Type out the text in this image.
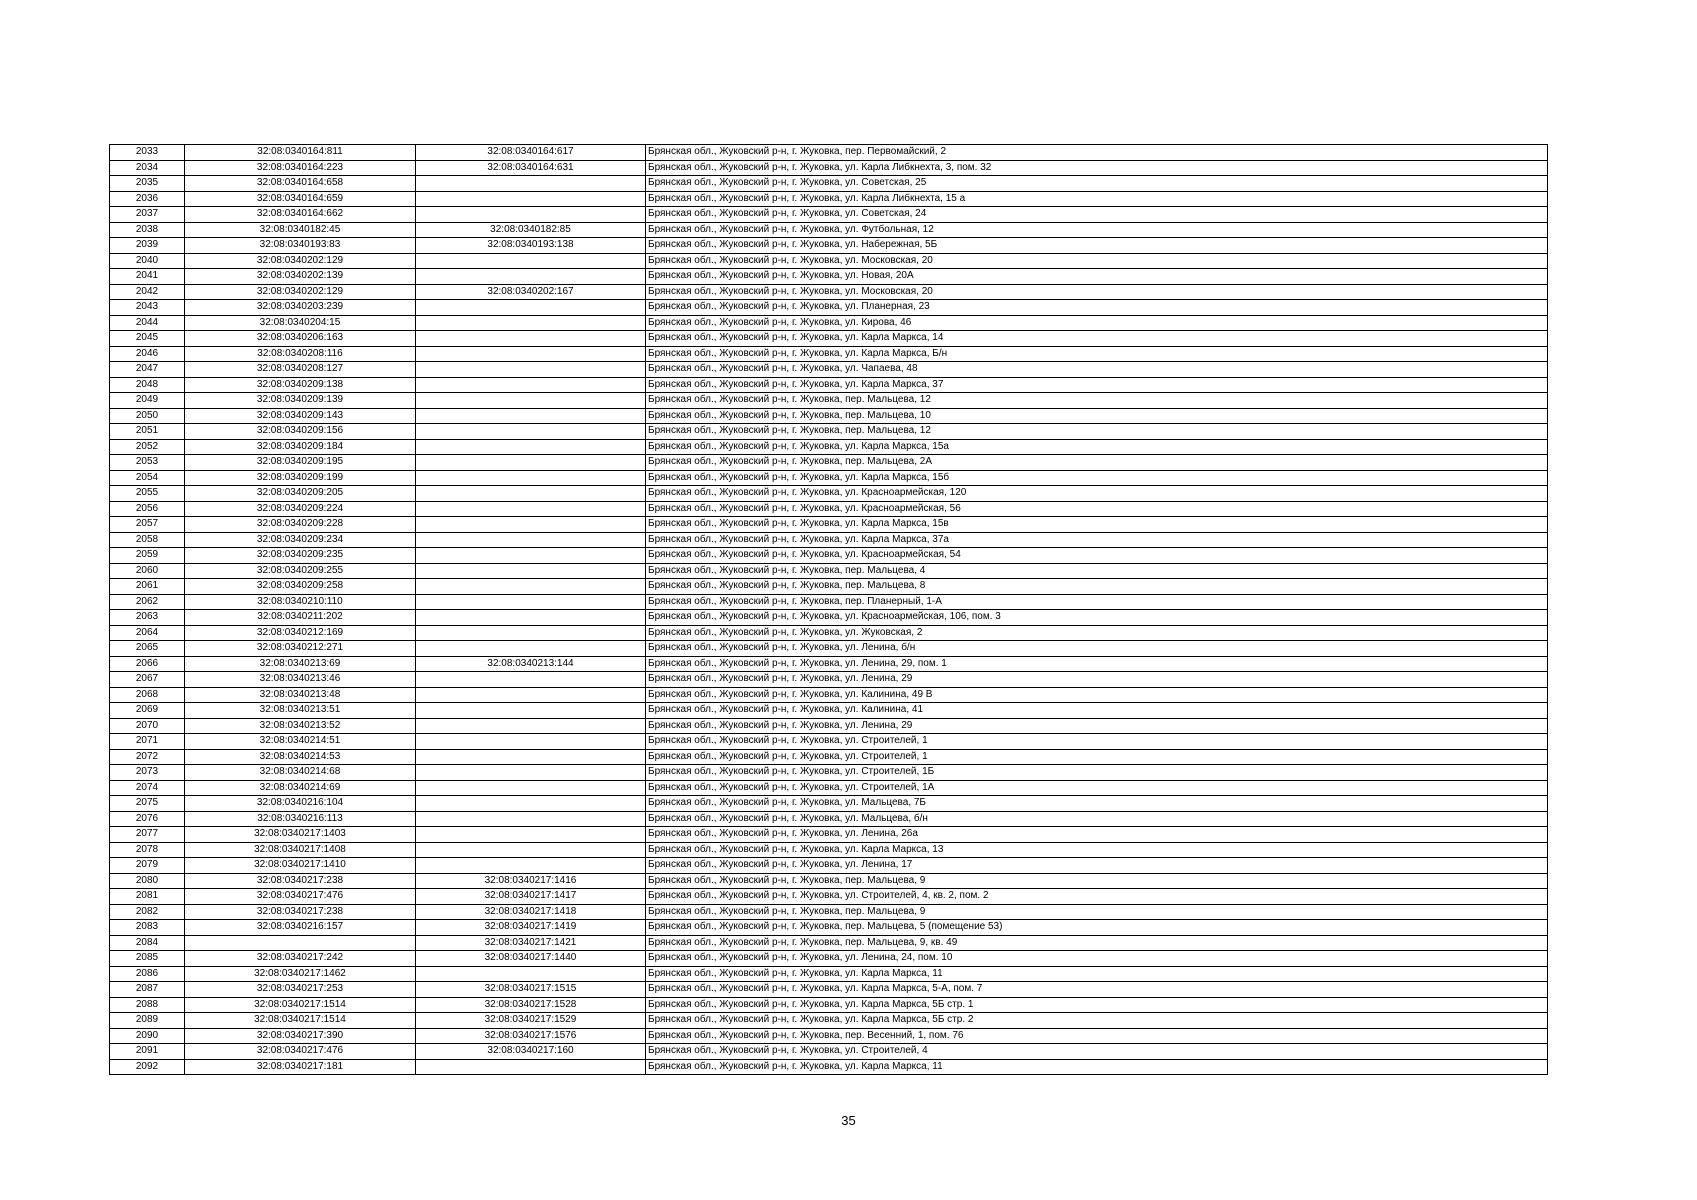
2033	32:08:0340164:811	32:08:0340164:617	Брянская обл., Жуковский р-н, г. Жуковка, пер. Первомайский, 2
2034	32:08:0340164:223	32:08:0340164:631	Брянская обл., Жуковский р-н, г. Жуковка, ул. Карла Либкнехта, 3, пом. 32
2035	32:08:0340164:658		Брянская обл., Жуковский р-н, г. Жуковка, ул. Советская, 25
2036	32:08:0340164:659		Брянская обл., Жуковский р-н, г. Жуковка, ул. Карла Либкнехта, 15 а
2037	32:08:0340164:662		Брянская обл., Жуковский р-н, г. Жуковка, ул. Советская, 24
2038	32:08:0340182:45	32:08:0340182:85	Брянская обл., Жуковский р-н, г. Жуковка, ул. Футбольная, 12
2039	32:08:0340193:83	32:08:0340193:138	Брянская обл., Жуковский р-н, г. Жуковка, ул. Набережная, 5Б
2040	32:08:0340202:129		Брянская обл., Жуковский р-н, г. Жуковка, ул. Московская, 20
2041	32:08:0340202:139		Брянская обл., Жуковский р-н, г. Жуковка, ул. Новая, 20А
2042	32:08:0340202:129	32:08:0340202:167	Брянская обл., Жуковский р-н, г. Жуковка, ул. Московская, 20
2043	32:08:0340203:239		Брянская обл., Жуковский р-н, г. Жуковка, ул. Планерная, 23
2044	32:08:0340204:15		Брянская обл., Жуковский р-н, г. Жуковка, ул. Кирова, 46
2045	32:08:0340206:163		Брянская обл., Жуковский р-н, г. Жуковка, ул. Карла Маркса, 14
2046	32:08:0340208:116		Брянская обл., Жуковский р-н, г. Жуковка, ул. Карла Маркса, Б/н
2047	32:08:0340208:127		Брянская обл., Жуковский р-н, г. Жуковка, ул. Чапаева, 48
2048	32:08:0340209:138		Брянская обл., Жуковский р-н, г. Жуковка, ул. Карла Маркса, 37
2049	32:08:0340209:139		Брянская обл., Жуковский р-н, г. Жуковка, пер. Мальцева, 12
2050	32:08:0340209:143		Брянская обл., Жуковский р-н, г. Жуковка, пер. Мальцева, 10
2051	32:08:0340209:156		Брянская обл., Жуковский р-н, г. Жуковка, пер. Мальцева, 12
2052	32:08:0340209:184		Брянская обл., Жуковский р-н, г. Жуковка, ул. Карла Маркса, 15а
2053	32:08:0340209:195		Брянская обл., Жуковский р-н, г. Жуковка, пер. Мальцева, 2А
2054	32:08:0340209:199		Брянская обл., Жуковский р-н, г. Жуковка, ул. Карла Маркса, 15б
2055	32:08:0340209:205		Брянская обл., Жуковский р-н, г. Жуковка, ул. Красноармейская, 120
2056	32:08:0340209:224		Брянская обл., Жуковский р-н, г. Жуковка, ул. Красноармейская, 56
2057	32:08:0340209:228		Брянская обл., Жуковский р-н, г. Жуковка, ул. Карла Маркса, 15в
2058	32:08:0340209:234		Брянская обл., Жуковский р-н, г. Жуковка, ул. Карла Маркса, 37а
2059	32:08:0340209:235		Брянская обл., Жуковский р-н, г. Жуковка, ул. Красноармейская, 54
2060	32:08:0340209:255		Брянская обл., Жуковский р-н, г. Жуковка, пер. Мальцева, 4
2061	32:08:0340209:258		Брянская обл., Жуковский р-н, г. Жуковка, пер. Мальцева, 8
2062	32:08:0340210:110		Брянская обл., Жуковский р-н, г. Жуковка, пер. Планерный, 1-А
2063	32:08:0340211:202		Брянская обл., Жуковский р-н, г. Жуковка, ул. Красноармейская, 106, пом. 3
2064	32:08:0340212:169		Брянская обл., Жуковский р-н, г. Жуковка, ул. Жуковская, 2
2065	32:08:0340212:271		Брянская обл., Жуковский р-н, г. Жуковка, ул. Ленина, б/н
2066	32:08:0340213:69	32:08:0340213:144	Брянская обл., Жуковский р-н, г. Жуковка, ул. Ленина, 29, пом. 1
2067	32:08:0340213:46		Брянская обл., Жуковский р-н, г. Жуковка, ул. Ленина, 29
2068	32:08:0340213:48		Брянская обл., Жуковский р-н, г. Жуковка, ул. Калинина, 49 В
2069	32:08:0340213:51		Брянская обл., Жуковский р-н, г. Жуковка, ул. Калинина, 41
2070	32:08:0340213:52		Брянская обл., Жуковский р-н, г. Жуковка, ул. Ленина, 29
2071	32:08:0340214:51		Брянская обл., Жуковский р-н, г. Жуковка, ул. Строителей, 1
2072	32:08:0340214:53		Брянская обл., Жуковский р-н, г. Жуковка, ул. Строителей, 1
2073	32:08:0340214:68		Брянская обл., Жуковский р-н, г. Жуковка, ул. Строителей, 1Б
2074	32:08:0340214:69		Брянская обл., Жуковский р-н, г. Жуковка, ул. Строителей, 1А
2075	32:08:0340216:104		Брянская обл., Жуковский р-н, г. Жуковка, ул. Мальцева, 7Б
2076	32:08:0340216:113		Брянская обл., Жуковский р-н, г. Жуковка, ул. Мальцева, б/н
2077	32:08:0340217:1403		Брянская обл., Жуковский р-н, г. Жуковка, ул. Ленина, 26а
2078	32:08:0340217:1408		Брянская обл., Жуковский р-н, г. Жуковка, ул. Карла Маркса, 13
2079	32:08:0340217:1410		Брянская обл., Жуковский р-н, г. Жуковка, ул. Ленина, 17
2080	32:08:0340217:238	32:08:0340217:1416	Брянская обл., Жуковский р-н, г. Жуковка, пер. Мальцева, 9
2081	32:08:0340217:476	32:08:0340217:1417	Брянская обл., Жуковский р-н, г. Жуковка, ул. Строителей, 4, кв. 2, пом. 2
2082	32:08:0340217:238	32:08:0340217:1418	Брянская обл., Жуковский р-н, г. Жуковка, пер. Мальцева, 9
2083	32:08:0340216:157	32:08:0340217:1419	Брянская обл., Жуковский р-н, г. Жуковка, пер. Мальцева, 5 (помещение 53)
2084		32:08:0340217:1421	Брянская обл., Жуковский р-н, г. Жуковка, пер. Мальцева, 9, кв. 49
2085	32:08:0340217:242	32:08:0340217:1440	Брянская обл., Жуковский р-н, г. Жуковка, ул. Ленина, 24, пом. 10
2086	32:08:0340217:1462		Брянская обл., Жуковский р-н, г. Жуковка, ул. Карла Маркса, 11
2087	32:08:0340217:253	32:08:0340217:1515	Брянская обл., Жуковский р-н, г. Жуковка, ул. Карла Маркса, 5-А, пом. 7
2088	32:08:0340217:1514	32:08:0340217:1528	Брянская обл., Жуковский р-н, г. Жуковка, ул. Карла Маркса, 5Б стр. 1
2089	32:08:0340217:1514	32:08:0340217:1529	Брянская обл., Жуковский р-н, г. Жуковка, ул. Карла Маркса, 5Б стр. 2
2090	32:08:0340217:390	32:08:0340217:1576	Брянская обл., Жуковский р-н, г. Жуковка, пер. Весенний, 1, пом. 76
2091	32:08:0340217:476	32:08:0340217:160	Брянская обл., Жуковский р-н, г. Жуковка, ул. Строителей, 4
2092	32:08:0340217:181		Брянская обл., Жуковский р-н, г. Жуковка, ул. Карла Маркса, 11
35
